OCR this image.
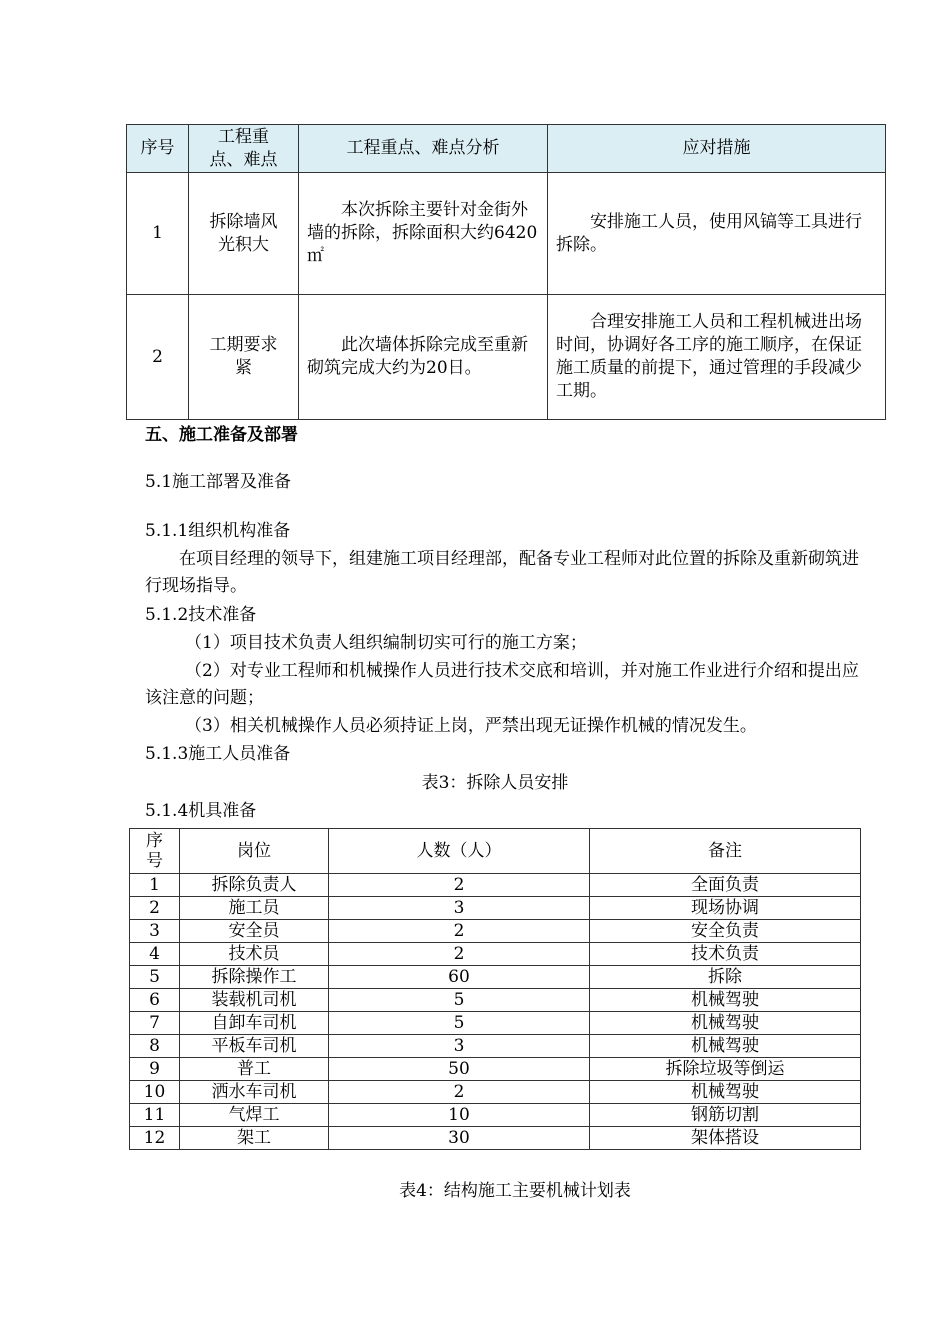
序号	工程重点、难点	工程重点、难点分析	应对措施
1	拆除墙风光积大	本次拆除主要针对金街外墙的拆除，拆除面积大约6420㎡	安排施工人员，使用风镐等工具进行拆除。
2	工期要求紧	此次墙体拆除完成至重新砌筑完成大约为20日。	合理安排施工人员和工程机械进出场时间，协调好各工序的施工顺序，在保证施工质量的前提下，通过管理的手段减少工期。
五、施工准备及部署
5.1施工部署及准备
5.1.1组织机构准备
在项目经理的领导下，组建施工项目经理部，配备专业工程师对此位置的拆除及重新砌筑进行现场指导。
5.1.2技术准备
（1）项目技术负责人组织编制切实可行的施工方案；
（2）对专业工程师和机械操作人员进行技术交底和培训，并对施工作业进行介绍和提出应该注意的问题；
（3）相关机械操作人员必须持证上岗，严禁出现无证操作机械的情况发生。
5.1.3施工人员准备
表3：拆除人员安排
5.1.4机具准备
序号	岗位	人数（人）	备注
1	拆除负责人	2	全面负责
2	施工员	3	现场协调
3	安全员	2	安全负责
4	技术员	2	技术负责
5	拆除操作工	60	拆除
6	装载机司机	5	机械驾驶
7	自卸车司机	5	机械驾驶
8	平板车司机	3	机械驾驶
9	普工	50	拆除垃圾等倒运
10	洒水车司机	2	机械驾驶
11	气焊工	10	钢筋切割
12	架工	30	架体搭设
表4：结构施工主要机械计划表
